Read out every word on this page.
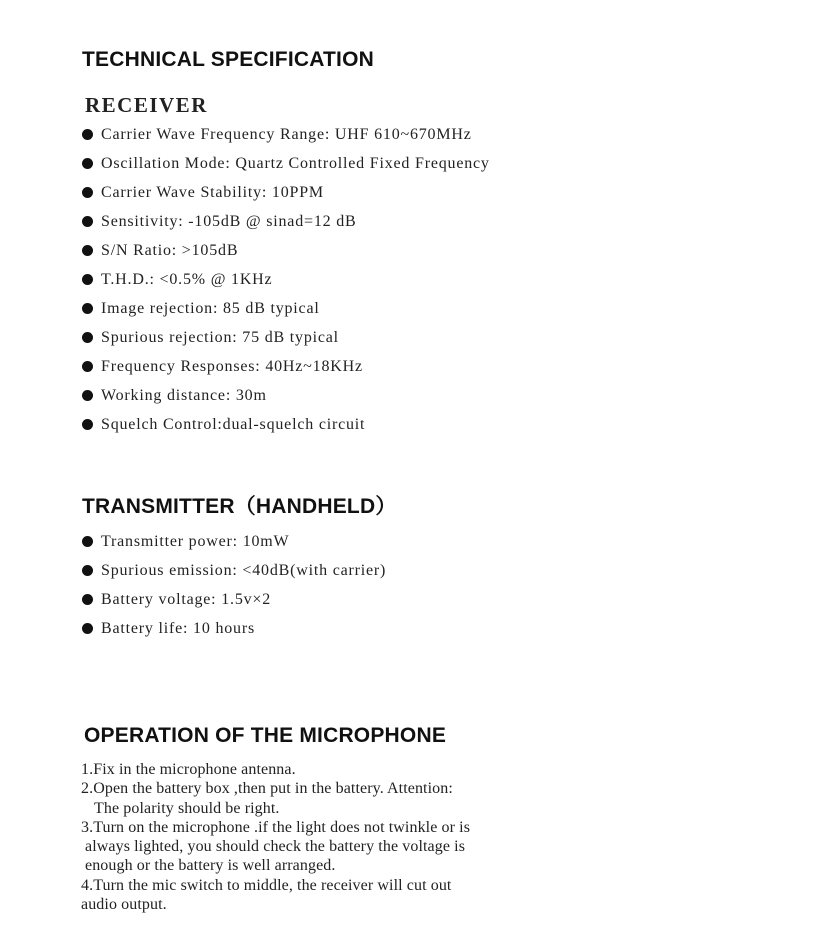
TECHNICAL SPECIFICATION
RECEIVER
Carrier Wave Frequency Range: UHF 610~670MHz
Oscillation Mode: Quartz Controlled Fixed Frequency
Carrier Wave Stability: 10PPM
Sensitivity: -105dB @ sinad=12 dB
S/N Ratio: >105dB
T.H.D.: <0.5% @ 1KHz
Image rejection: 85 dB typical
Spurious rejection: 75 dB typical
Frequency Responses: 40Hz~18KHz
Working distance: 30m
Squelch Control:dual-squelch circuit
TRANSMITTER（HANDHELD）
Transmitter power: 10mW
Spurious emission: <40dB(with carrier)
Battery voltage: 1.5v×2
Battery life: 10 hours
OPERATION OF THE MICROPHONE
1.Fix in the microphone antenna.
2.Open the battery box ,then put in the battery. Attention:
The polarity should be right.
3.Turn on the microphone .if the light does not twinkle or is
always lighted, you should check the battery the voltage is
enough or the battery is well arranged.
4.Turn the mic switch to middle, the receiver will cut out
audio output.
